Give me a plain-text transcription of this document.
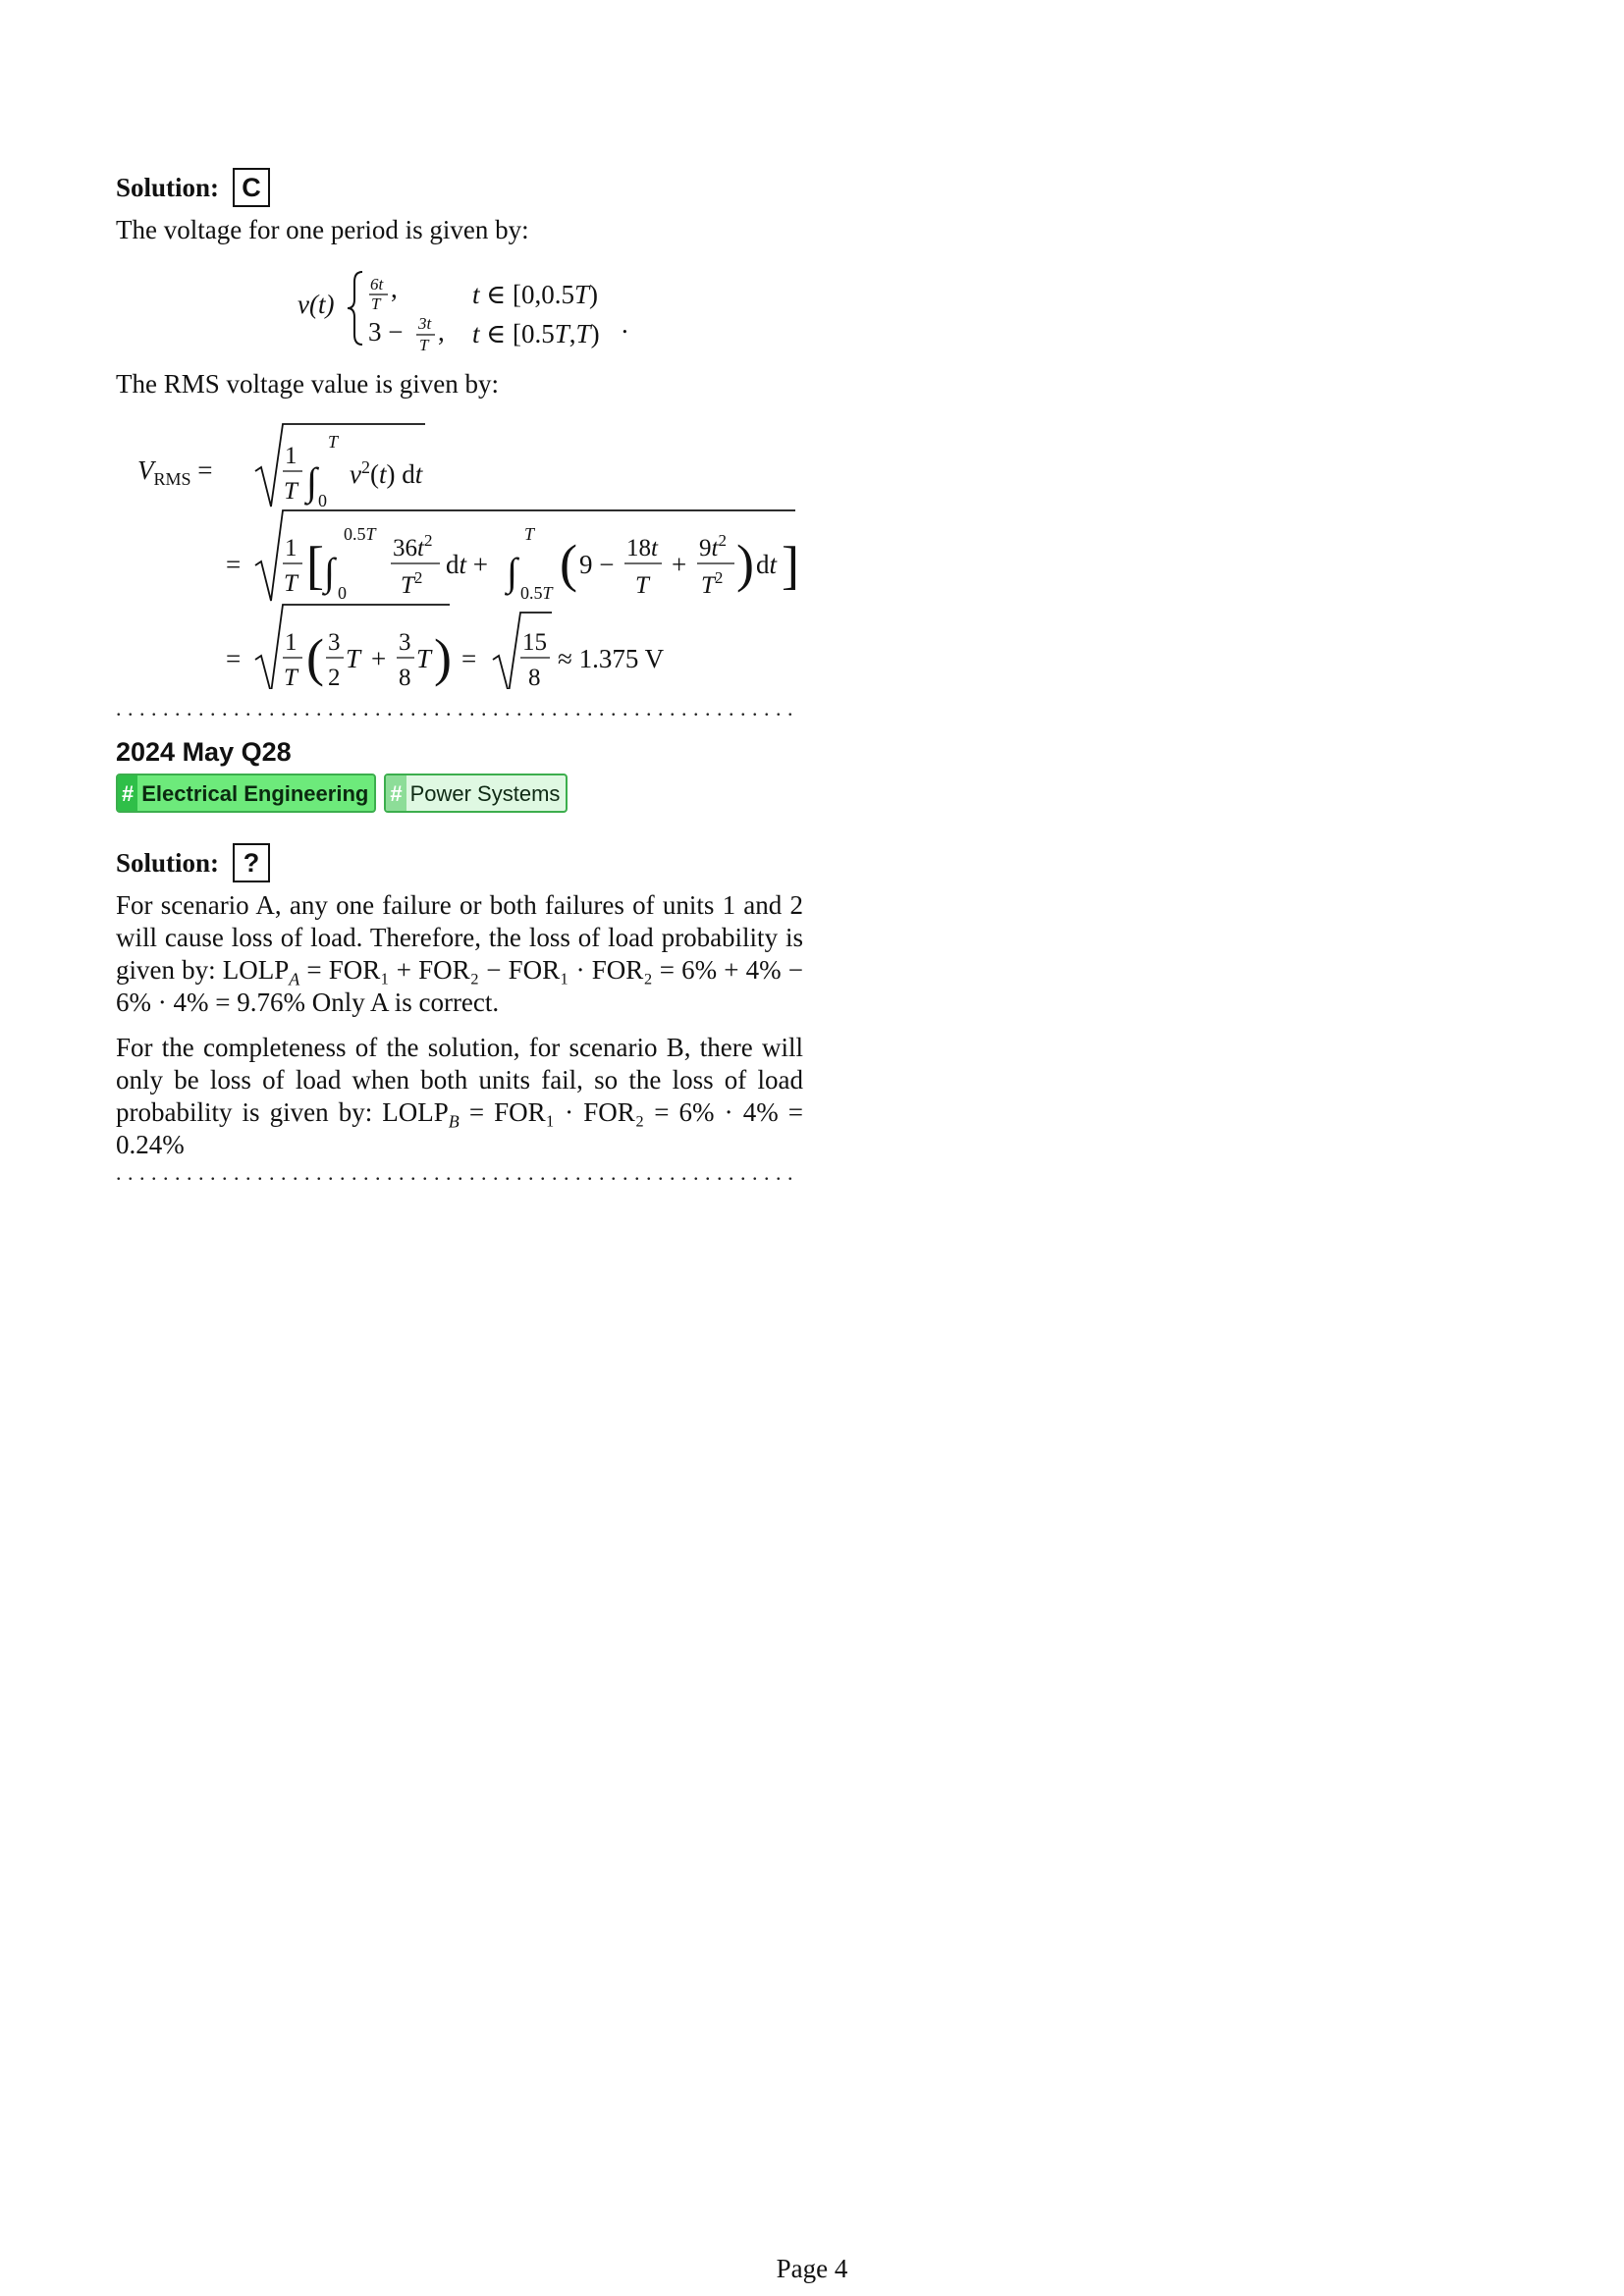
Solution: C
The voltage for one period is given by:
v(t)
6t
T
,	t ∈ [0,0.5T)
3 − 3t
T , t ∈ [0.5T,T) .
The RMS voltage value is given by:
$V_{RMS}$ =	1
T ∫
T
0
$v^2(t)$ dt
=
1
T [ ∫
0.5T
0
$36t^2$
$T^2$ dt + ∫
T
0.5T ( 9 −
18t
T
+
$9t^2$
$T^2$ ) dt ]
=
1
T ( 3
2
T +
3
8
T ) =
15
8
≈ 1.375 V
..........................................................
2024 May Q28
# Electrical Engineering # Power Systems
Solution: ?
For scenario A, any one failure or both failures of units 1 and 2 will cause loss of load. Therefore, the loss of load probability is given by: $LOLP_A = FOR_1 + FOR_2 - FOR_1 \cdot FOR_2 = 6\% + 4\% - 6\% \cdot 4\% = 9.76\%$ Only A is correct.
For the completeness of the solution, for scenario B, there will only be loss of load when both units fail, so the loss of load probability is given by: $LOLP_B = FOR_1 \cdot FOR_2 = 6\% \cdot 4\% = 0.24\%$
..........................................................
Page 4
